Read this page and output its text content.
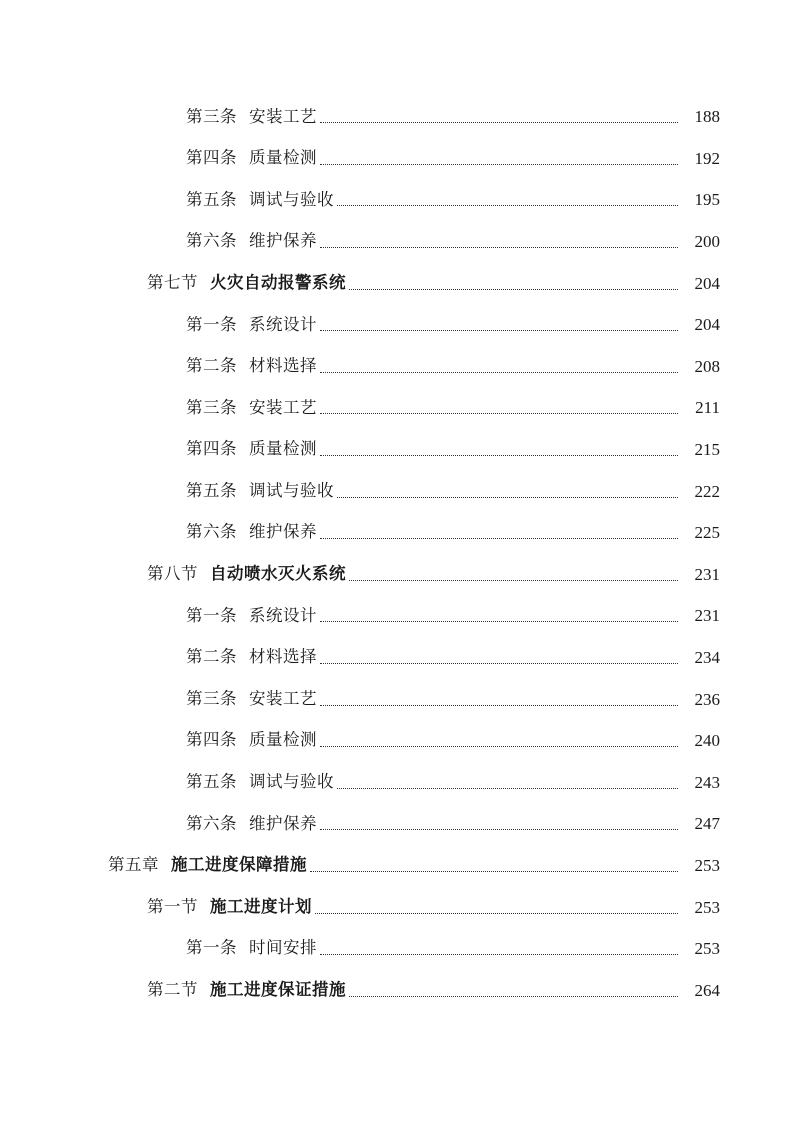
第三条 安装工艺	188
第四条 质量检测	192
第五条 调试与验收	195
第六条 维护保养	200
第七节 火灾自动报警系统	204
第一条 系统设计	204
第二条 材料选择	208
第三条 安装工艺	211
第四条 质量检测	215
第五条 调试与验收	222
第六条 维护保养	225
第八节 自动喷水灭火系统	231
第一条 系统设计	231
第二条 材料选择	234
第三条 安装工艺	236
第四条 质量检测	240
第五条 调试与验收	243
第六条 维护保养	247
第五章 施工进度保障措施	253
第一节 施工进度计划	253
第一条 时间安排	253
第二节 施工进度保证措施	264
